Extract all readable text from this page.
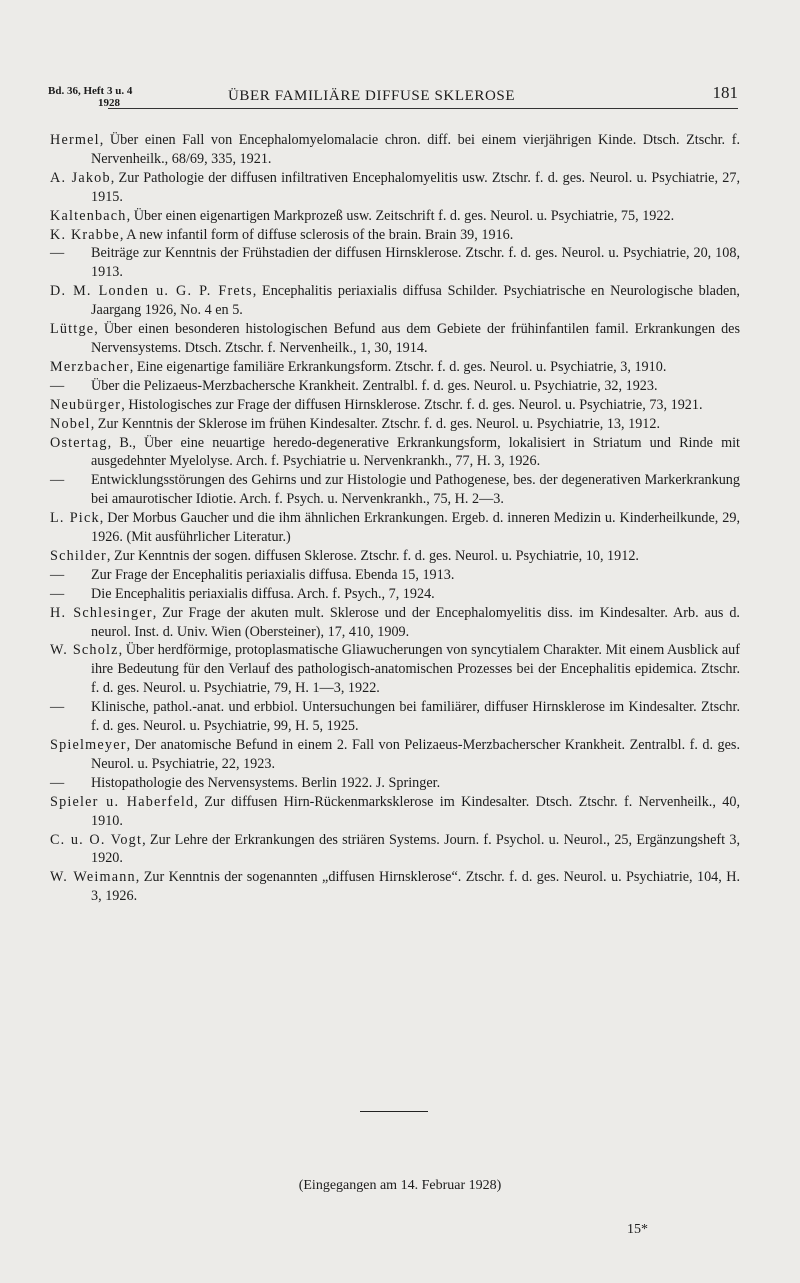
Bd. 36, Heft 3 u. 4
1928	ÜBER FAMILIÄRE DIFFUSE SKLEROSE	181
Hermel, Über einen Fall von Encephalomyelomalacie chron. diff. bei einem vierjährigen Kinde. Dtsch. Ztschr. f. Nervenheilk., 68/69, 335, 1921.
A. Jakob, Zur Pathologie der diffusen infiltrativen Encephalomyelitis usw. Ztschr. f. d. ges. Neurol. u. Psychiatrie, 27, 1915.
Kaltenbach, Über einen eigenartigen Markprozeß usw. Zeitschrift f. d. ges. Neurol. u. Psychiatrie, 75, 1922.
K. Krabbe, A new infantil form of diffuse sclerosis of the brain. Brain 39, 1916.
— Beiträge zur Kenntnis der Frühstadien der diffusen Hirnsklerose. Ztschr. f. d. ges. Neurol. u. Psychiatrie, 20, 108, 1913.
D. M. Londen u. G. P. Frets, Encephalitis periaxialis diffusa Schilder. Psychiatrische en Neurologische bladen, Jaargang 1926, No. 4 en 5.
Lüttge, Über einen besonderen histologischen Befund aus dem Gebiete der frühinfantilen famil. Erkrankungen des Nervensystems. Dtsch. Ztschr. f. Nervenheilk., 1, 30, 1914.
Merzbacher, Eine eigenartige familiäre Erkrankungsform. Ztschr. f. d. ges. Neurol. u. Psychiatrie, 3, 1910.
— Über die Pelizaeus-Merzbachersche Krankheit. Zentralbl. f. d. ges. Neurol. u. Psychiatrie, 32, 1923.
Neubürger, Histologisches zur Frage der diffusen Hirnsklerose. Ztschr. f. d. ges. Neurol. u. Psychiatrie, 73, 1921.
Nobel, Zur Kenntnis der Sklerose im frühen Kindesalter. Ztschr. f. d. ges. Neurol. u. Psychiatrie, 13, 1912.
Ostertag, B., Über eine neuartige heredo-degenerative Erkrankungsform, lokalisiert in Striatum und Rinde mit ausgedehnter Myelolyse. Arch. f. Psychiatrie u. Nervenkrankh., 77, H. 3, 1926.
— Entwicklungsstörungen des Gehirns und zur Histologie und Pathogenese, bes. der degenerativen Markerkrankung bei amaurotischer Idiotie. Arch. f. Psych. u. Nervenkrankh., 75, H. 2—3.
L. Pick, Der Morbus Gaucher und die ihm ähnlichen Erkrankungen. Ergeb. d. inneren Medizin u. Kinderheilkunde, 29, 1926. (Mit ausführlicher Literatur.)
Schilder, Zur Kenntnis der sogen. diffusen Sklerose. Ztschr. f. d. ges. Neurol. u. Psychiatrie, 10, 1912.
— Zur Frage der Encephalitis periaxialis diffusa. Ebenda 15, 1913.
— Die Encephalitis periaxialis diffusa. Arch. f. Psych., 7, 1924.
H. Schlesinger, Zur Frage der akuten mult. Sklerose und der Encephalomyelitis diss. im Kindesalter. Arb. aus d. neurol. Inst. d. Univ. Wien (Obersteiner), 17, 410, 1909.
W. Scholz, Über herdförmige, protoplasmatische Gliawucherungen von syncytialem Charakter. Mit einem Ausblick auf ihre Bedeutung für den Verlauf des pathologisch-anatomischen Prozesses bei der Encephalitis epidemica. Ztschr. f. d. ges. Neurol. u. Psychiatrie, 79, H. 1—3, 1922.
— Klinische, pathol.-anat. und erbbiol. Untersuchungen bei familiärer, diffuser Hirnsklerose im Kindesalter. Ztschr. f. d. ges. Neurol. u. Psychiatrie, 99, H. 5, 1925.
Spielmeyer, Der anatomische Befund in einem 2. Fall von Pelizaeus-Merzbacherscher Krankheit. Zentralbl. f. d. ges. Neurol. u. Psychiatrie, 22, 1923.
— Histopathologie des Nervensystems. Berlin 1922. J. Springer.
Spieler u. Haberfeld, Zur diffusen Hirn-Rückenmarksklerose im Kindesalter. Dtsch. Ztschr. f. Nervenheilk., 40, 1910.
C. u. O. Vogt, Zur Lehre der Erkrankungen des striären Systems. Journ. f. Psychol. u. Neurol., 25, Ergänzungsheft 3, 1920.
W. Weimann, Zur Kenntnis der sogenannten „diffusen Hirnsklerose“. Ztschr. f. d. ges. Neurol. u. Psychiatrie, 104, H. 3, 1926.
(Eingegangen am 14. Februar 1928)
15*
